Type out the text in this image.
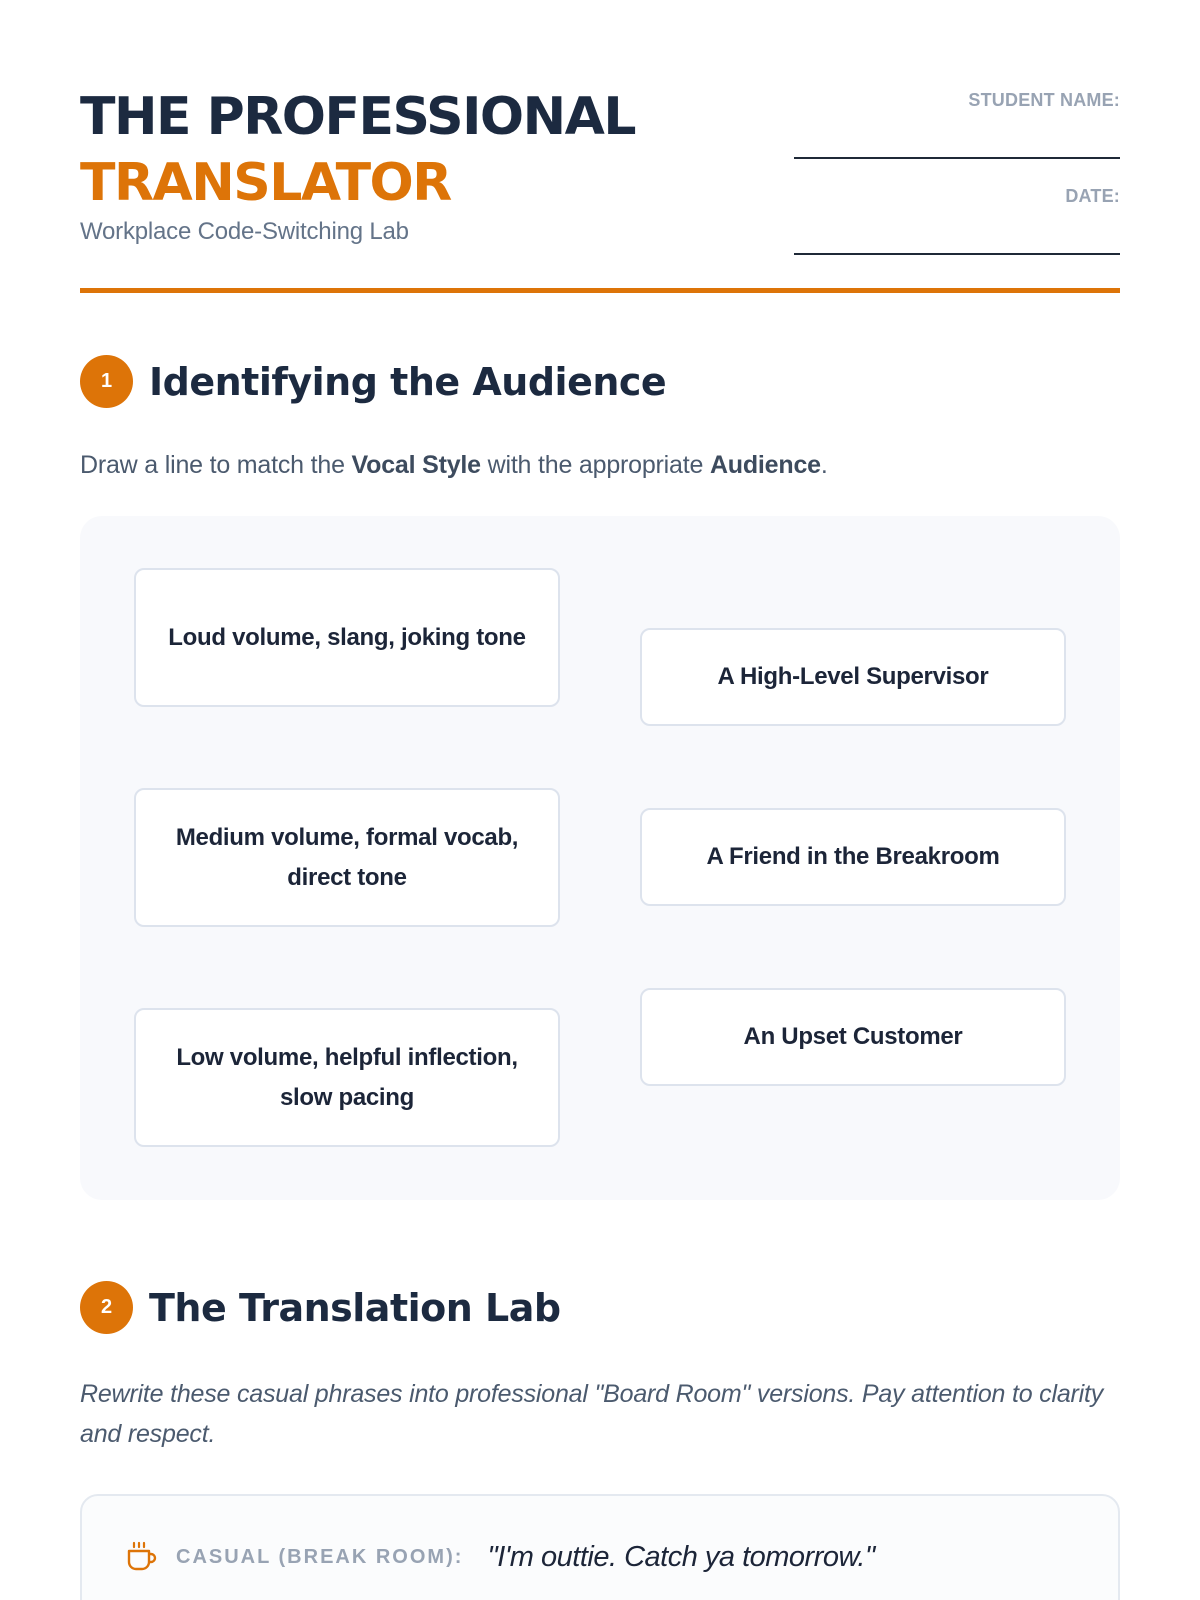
THE PROFESSIONAL
TRANSLATOR
Workplace Code-Switching Lab
STUDENT NAME:
DATE:
1 Identifying the Audience
Draw a line to match the Vocal Style with the appropriate Audience.
Loud volume, slang, joking tone
Medium volume, formal vocab, direct tone
Low volume, helpful inflection, slow pacing
A High-Level Supervisor
A Friend in the Breakroom
An Upset Customer
2 The Translation Lab
Rewrite these casual phrases into professional "Board Room" versions. Pay attention to clarity and respect.
CASUAL (BREAK ROOM): "I'm outtie. Catch ya tomorrow."
